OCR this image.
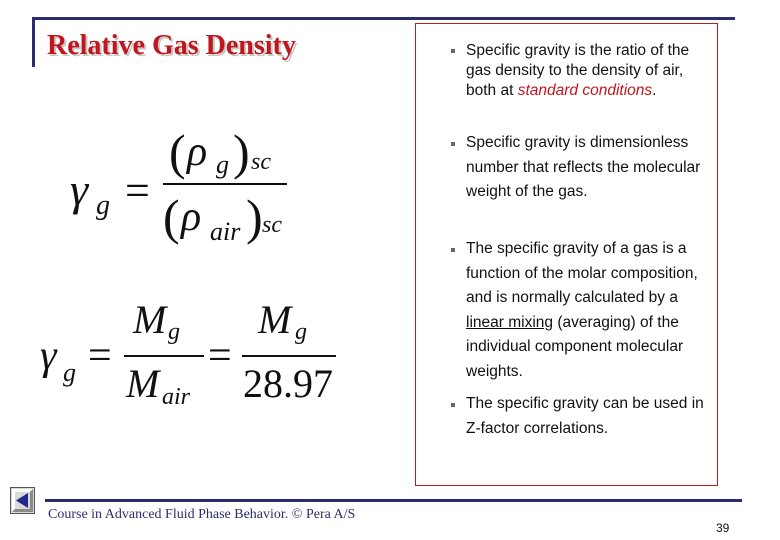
Relative Gas Density
γ g =
( ρ g ) sc
( ρ air ) sc
γ g =
M g
M air
=
M g
28.97
Specific gravity is the ratio of the gas density to the density of air, both at standard conditions.
Specific gravity is dimensionless number that reflects the molecular weight of the gas.
The specific gravity of a gas is a function of the molar composition, and is normally calculated by a linear mixing (averaging) of the individual component molecular weights.
The specific gravity can be used in Z-factor correlations.
Course in Advanced Fluid Phase Behavior. © Pera A/S
39
